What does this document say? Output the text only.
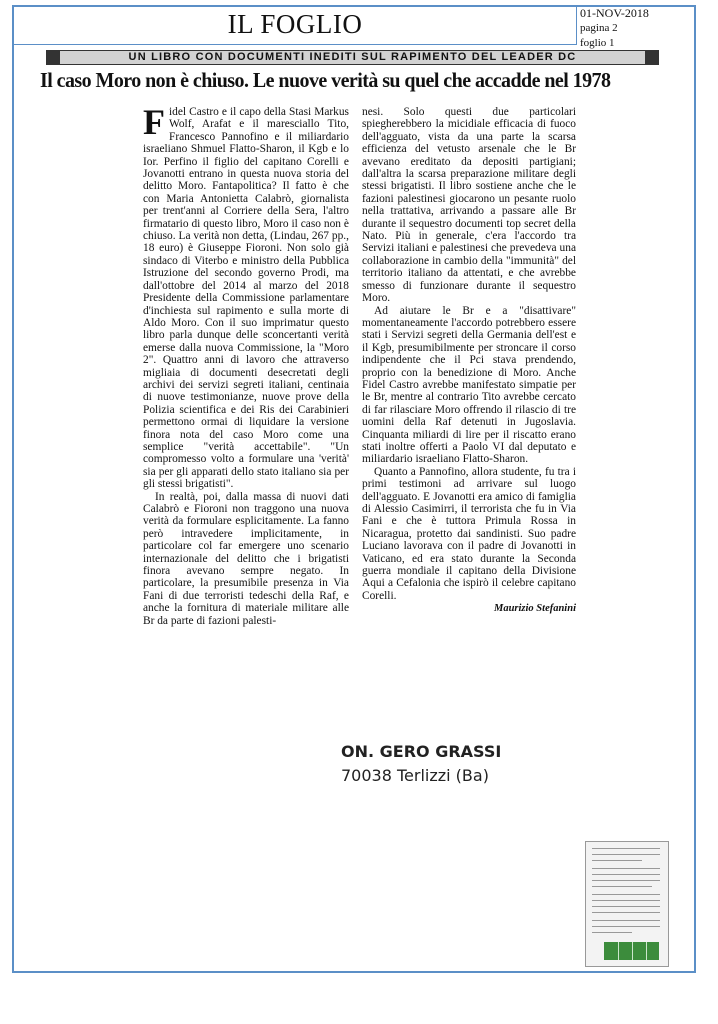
IL FOGLIO	01-NOV-2018
pagina 2
foglio 1
UN LIBRO CON DOCUMENTI INEDITI SUL RAPIMENTO DEL LEADER DC
Il caso Moro non è chiuso. Le nuove verità su quel che accadde nel 1978

Fidel Castro e il capo della Stasi Markus Wolf, Arafat e il maresciallo Tito, Francesco Pannofino e il miliardario israeliano Shmuel Flatto-Sharon, il Kgb e lo Ior. Perfino il figlio del capitano Corelli e Jovanotti entrano in questa nuova storia del delitto Moro. Fantapolitica? Il fatto è che con Maria Antonietta Calabrò, giornalista per trent'anni al Corriere della Sera, l'altro firmatario di questo libro, Moro il caso non è chiuso. La verità non detta, (Lindau, 267 pp., 18 euro) è Giuseppe Fioroni. Non solo già sindaco di Viterbo e ministro della Pubblica Istruzione del secondo governo Prodi, ma dall'ottobre del 2014 al marzo del 2018 Presidente della Commissione parlamentare d'inchiesta sul rapimento e sulla morte di Aldo Moro. Con il suo imprimatur questo libro parla dunque delle sconcertanti verità emerse dalla nuova Commissione, la "Moro 2". Quattro anni di lavoro che attraverso migliaia di documenti desecretati degli archivi dei servizi segreti italiani, centinaia di nuove testimonianze, nuove prove della Polizia scientifica e dei Ris dei Carabinieri permettono ormai di liquidare la versione finora nota del caso Moro come una semplice "verità accettabile". "Un compromesso volto a formulare una 'verità' sia per gli apparati dello stato italiano sia per gli stessi brigatisti".

In realtà, poi, dalla massa di nuovi dati Calabrò e Fioroni non traggono una nuova verità da formulare esplicitamente. La fanno però intravedere implicitamente, in particolare col far emergere uno scenario internazionale del delitto che i brigatisti finora avevano sempre negato. In particolare, la presumibile presenza in Via Fani di due terroristi tedeschi della Raf, e anche la fornitura di materiale militare alle Br da parte di fazioni palesti-

nesi. Solo questi due particolari spiegherebbero la micidiale efficacia di fuoco dell'agguato, vista da una parte la scarsa efficienza del vetusto arsenale che le Br avevano ereditato da depositi partigiani; dall'altra la scarsa preparazione militare degli stessi brigatisti. Il libro sostiene anche che le fazioni palestinesi giocarono un pesante ruolo nella trattativa, arrivando a passare alle Br durante il sequestro documenti top secret della Nato. Più in generale, c'era l'accordo tra Servizi italiani e palestinesi che prevedeva una collaborazione in cambio della "immunità" del territorio italiano da attentati, e che avrebbe smesso di funzionare durante il sequestro Moro.

Ad aiutare le Br e a "disattivare" momentaneamente l'accordo potrebbero essere stati i Servizi segreti della Germania dell'est e il Kgb, presumibilmente per stroncare il corso indipendente che il Pci stava prendendo, proprio con la benedizione di Moro. Anche Fidel Castro avrebbe manifestato simpatie per le Br, mentre al contrario Tito avrebbe cercato di far rilasciare Moro offrendo il rilascio di tre uomini della Raf detenuti in Jugoslavia. Cinquanta miliardi di lire per il riscatto erano stati inoltre offerti a Paolo VI dal deputato e miliardario israeliano Flatto-Sharon.

Quanto a Pannofino, allora studente, fu tra i primi testimoni ad arrivare sul luogo dell'agguato. E Jovanotti era amico di famiglia di Alessio Casimirri, il terrorista che fu in Via Fani e che è tuttora Primula Rossa in Nicaragua, protetto dai sandinisti. Suo padre Luciano lavorava con il padre di Jovanotti in Vaticano, ed era stato durante la Seconda guerra mondiale il capitano della Divisione Aqui a Cefalonia che ispirò il celebre capitano Corelli.

Maurizio Stefanini
ON. GERO GRASSI
70038 Terlizzi (Ba)
